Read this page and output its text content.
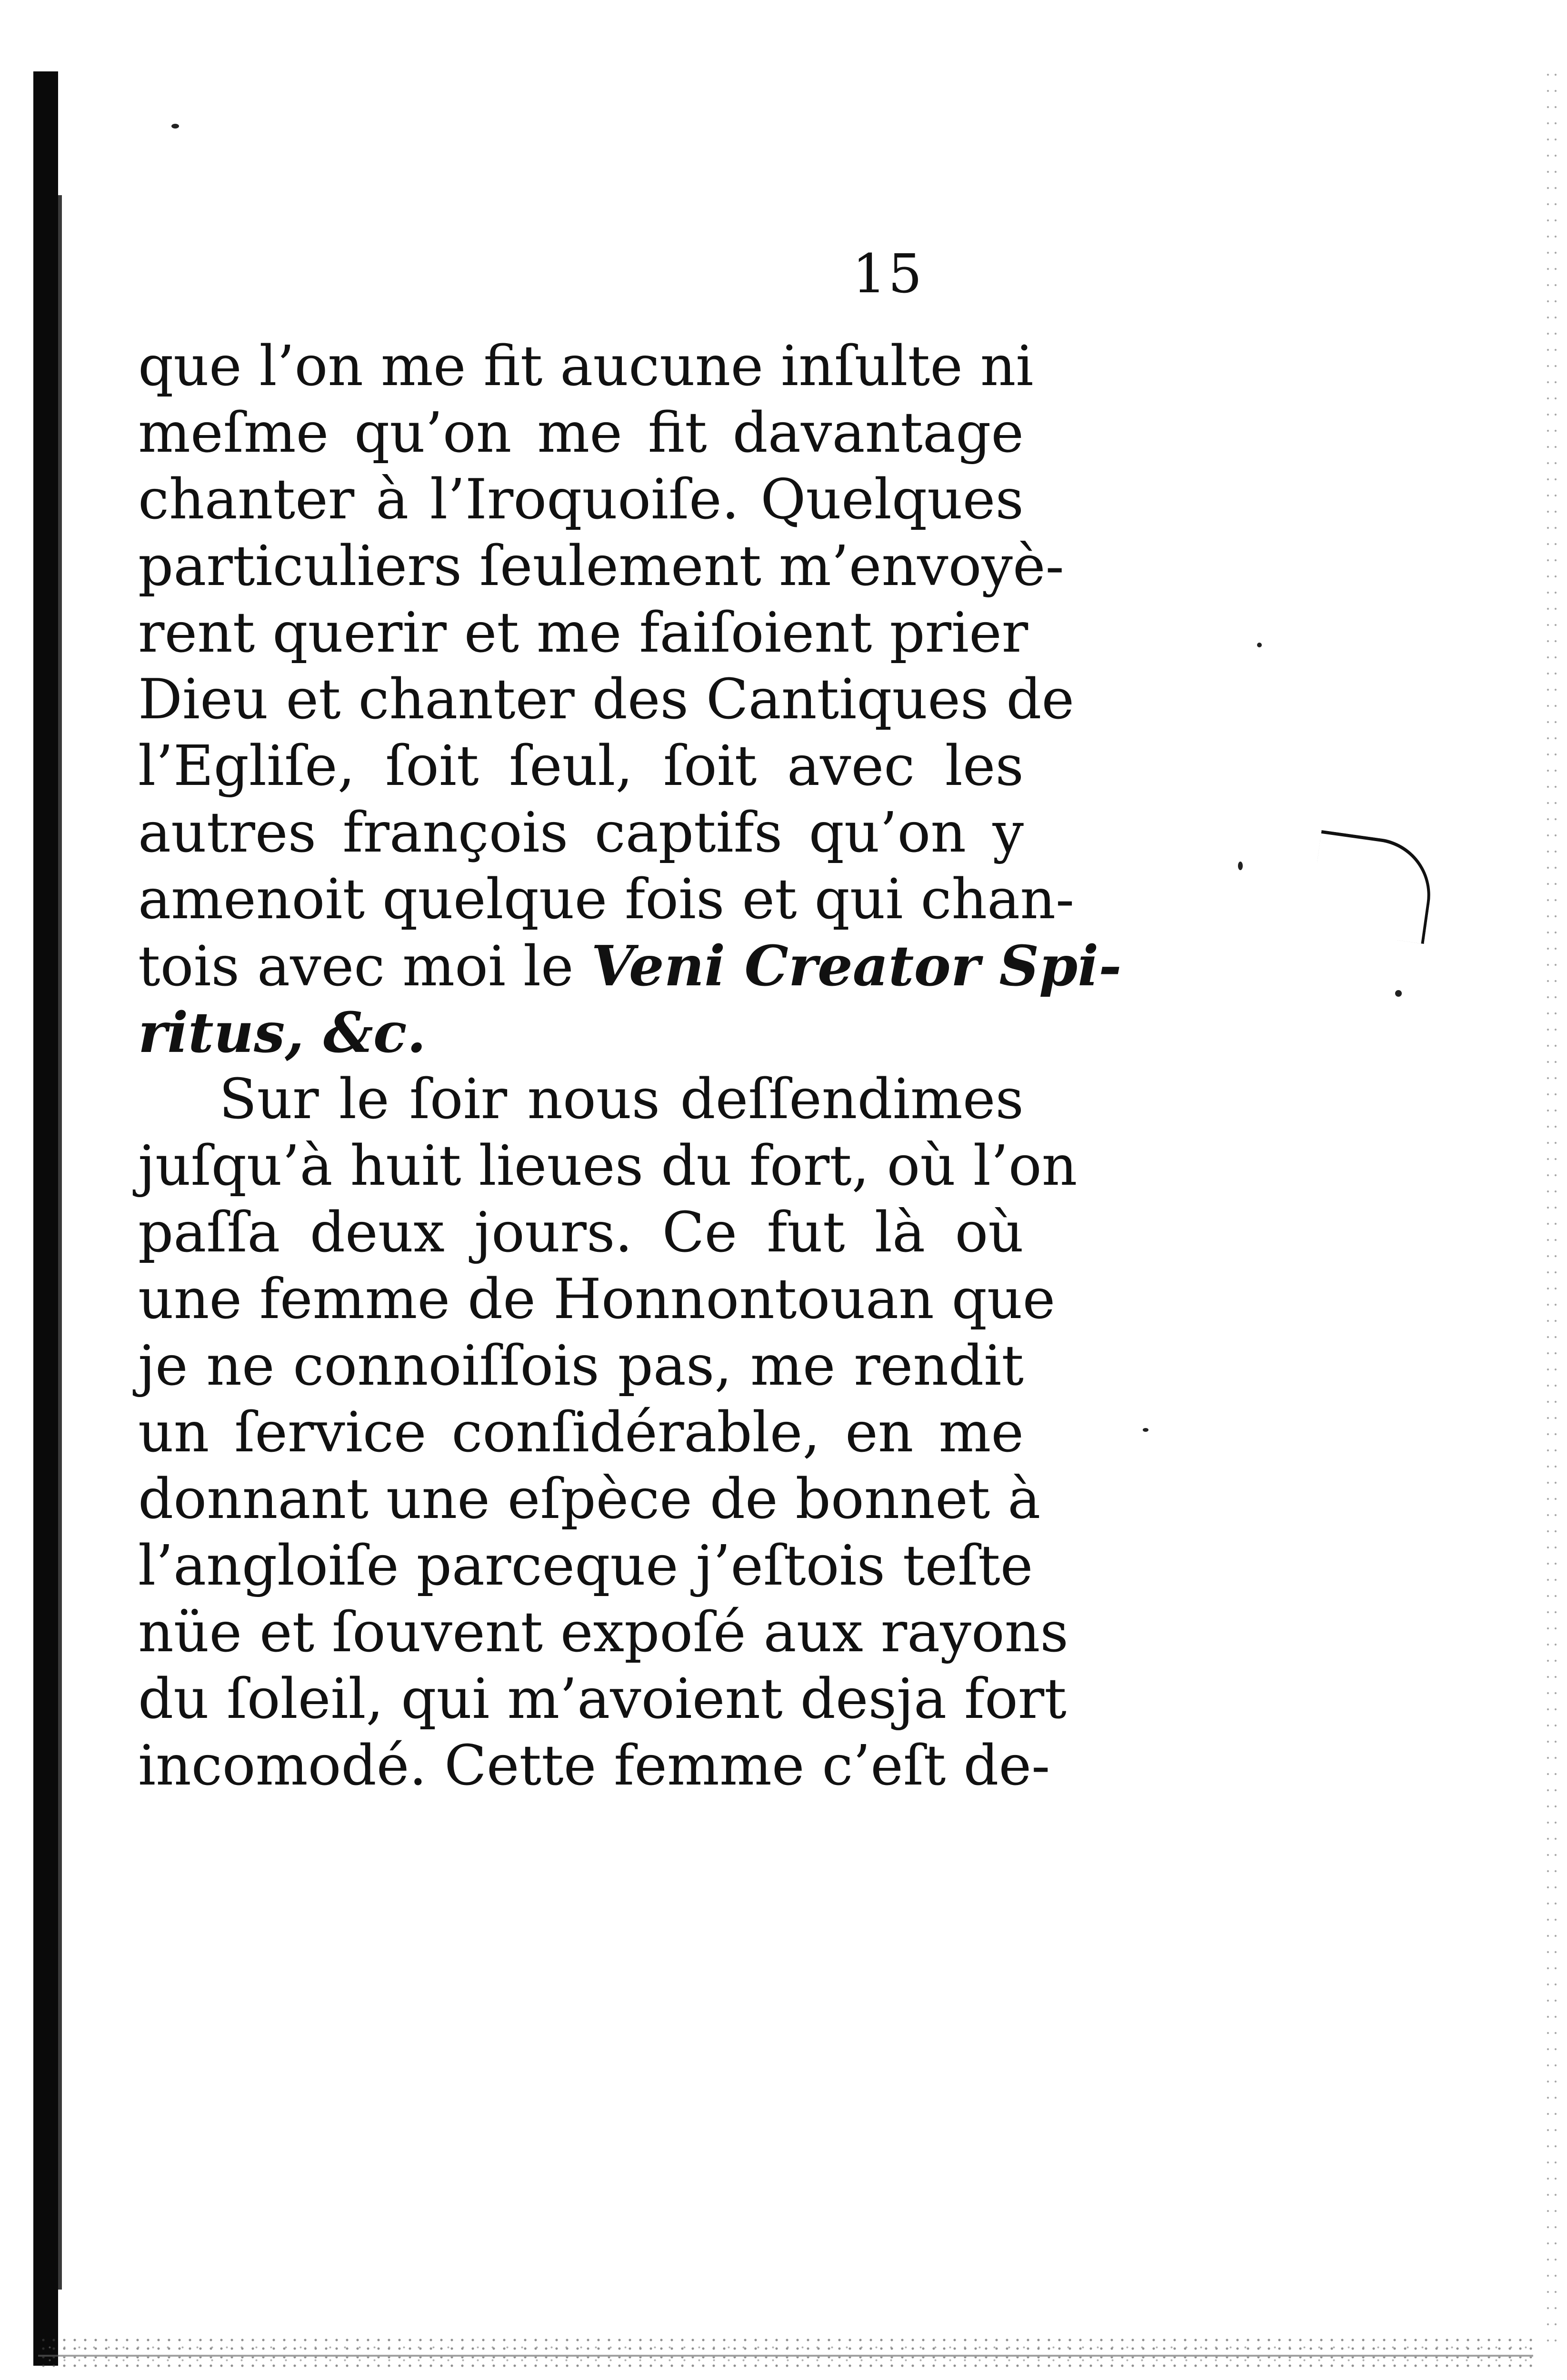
15
que l’on me fit aucune inſulte ni
meſme qu’on me fit davantage
chanter à l’Iroquoiſe. Quelques
particuliers ſeulement m’envoyè-
rent querir et me faiſoient prier
Dieu et chanter des Cantiques de
l’Egliſe, ſoit ſeul, ſoit avec les
autres françois captifs qu’on y
amenoit quelque fois et qui chan-
tois avec moi le Veni Creator Spi-
ritus, &c.
Sur le ſoir nous deſſendimes
juſqu’à huit lieues du fort, où l’on
paſſa deux jours. Ce fut là où
une femme de Honnontouan que
je ne connoiſſois pas, me rendit
un ſervice conſidérable, en me
donnant une eſpèce de bonnet à
l’angloiſe parceque j’eſtois teſte
nüe et ſouvent expoſé aux rayons
du ſoleil, qui m’avoient desja fort
incomodé. Cette femme c’eſt de-
